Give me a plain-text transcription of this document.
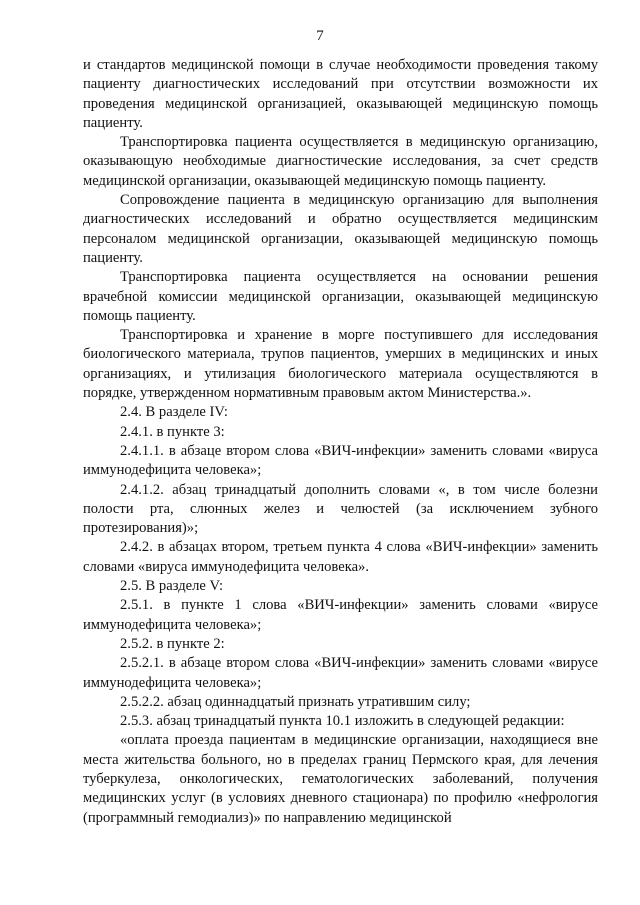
7

и стандартов медицинской помощи в случае необходимости проведения такому пациенту диагностических исследований при отсутствии возможности их проведения медицинской организацией, оказывающей медицинскую помощь пациенту.

Транспортировка пациента осуществляется в медицинскую организацию, оказывающую необходимые диагностические исследования, за счет средств медицинской организации, оказывающей медицинскую помощь пациенту.

Сопровождение пациента в медицинскую организацию для выполнения диагностических исследований и обратно осуществляется медицинским персоналом медицинской организации, оказывающей медицинскую помощь пациенту.

Транспортировка пациента осуществляется на основании решения врачебной комиссии медицинской организации, оказывающей медицинскую помощь пациенту.

Транспортировка и хранение в морге поступившего для исследования биологического материала, трупов пациентов, умерших в медицинских и иных организациях, и утилизация биологического материала осуществляются в порядке, утвержденном нормативным правовым актом Министерства.».

2.4. В разделе IV:

2.4.1. в пункте 3:

2.4.1.1. в абзаце втором слова «ВИЧ-инфекции» заменить словами «вируса иммунодефицита человека»;

2.4.1.2. абзац тринадцатый дополнить словами «, в том числе болезни полости рта, слюнных желез и челюстей (за исключением зубного протезирования)»;

2.4.2. в абзацах втором, третьем пункта 4 слова «ВИЧ-инфекции» заменить словами «вируса иммунодефицита человека».

2.5. В разделе V:

2.5.1. в пункте 1 слова «ВИЧ-инфекции» заменить словами «вирусе иммунодефицита человека»;

2.5.2. в пункте 2:

2.5.2.1. в абзаце втором слова «ВИЧ-инфекции» заменить словами «вирусе иммунодефицита человека»;

2.5.2.2. абзац одиннадцатый признать утратившим силу;

2.5.3. абзац тринадцатый пункта 10.1 изложить в следующей редакции:

«оплата проезда пациентам в медицинские организации, находящиеся вне места жительства больного, но в пределах границ Пермского края, для лечения туберкулеза, онкологических, гематологических заболеваний, получения медицинских услуг (в условиях дневного стационара) по профилю «нефрология (программный гемодиализ)» по направлению медицинской
